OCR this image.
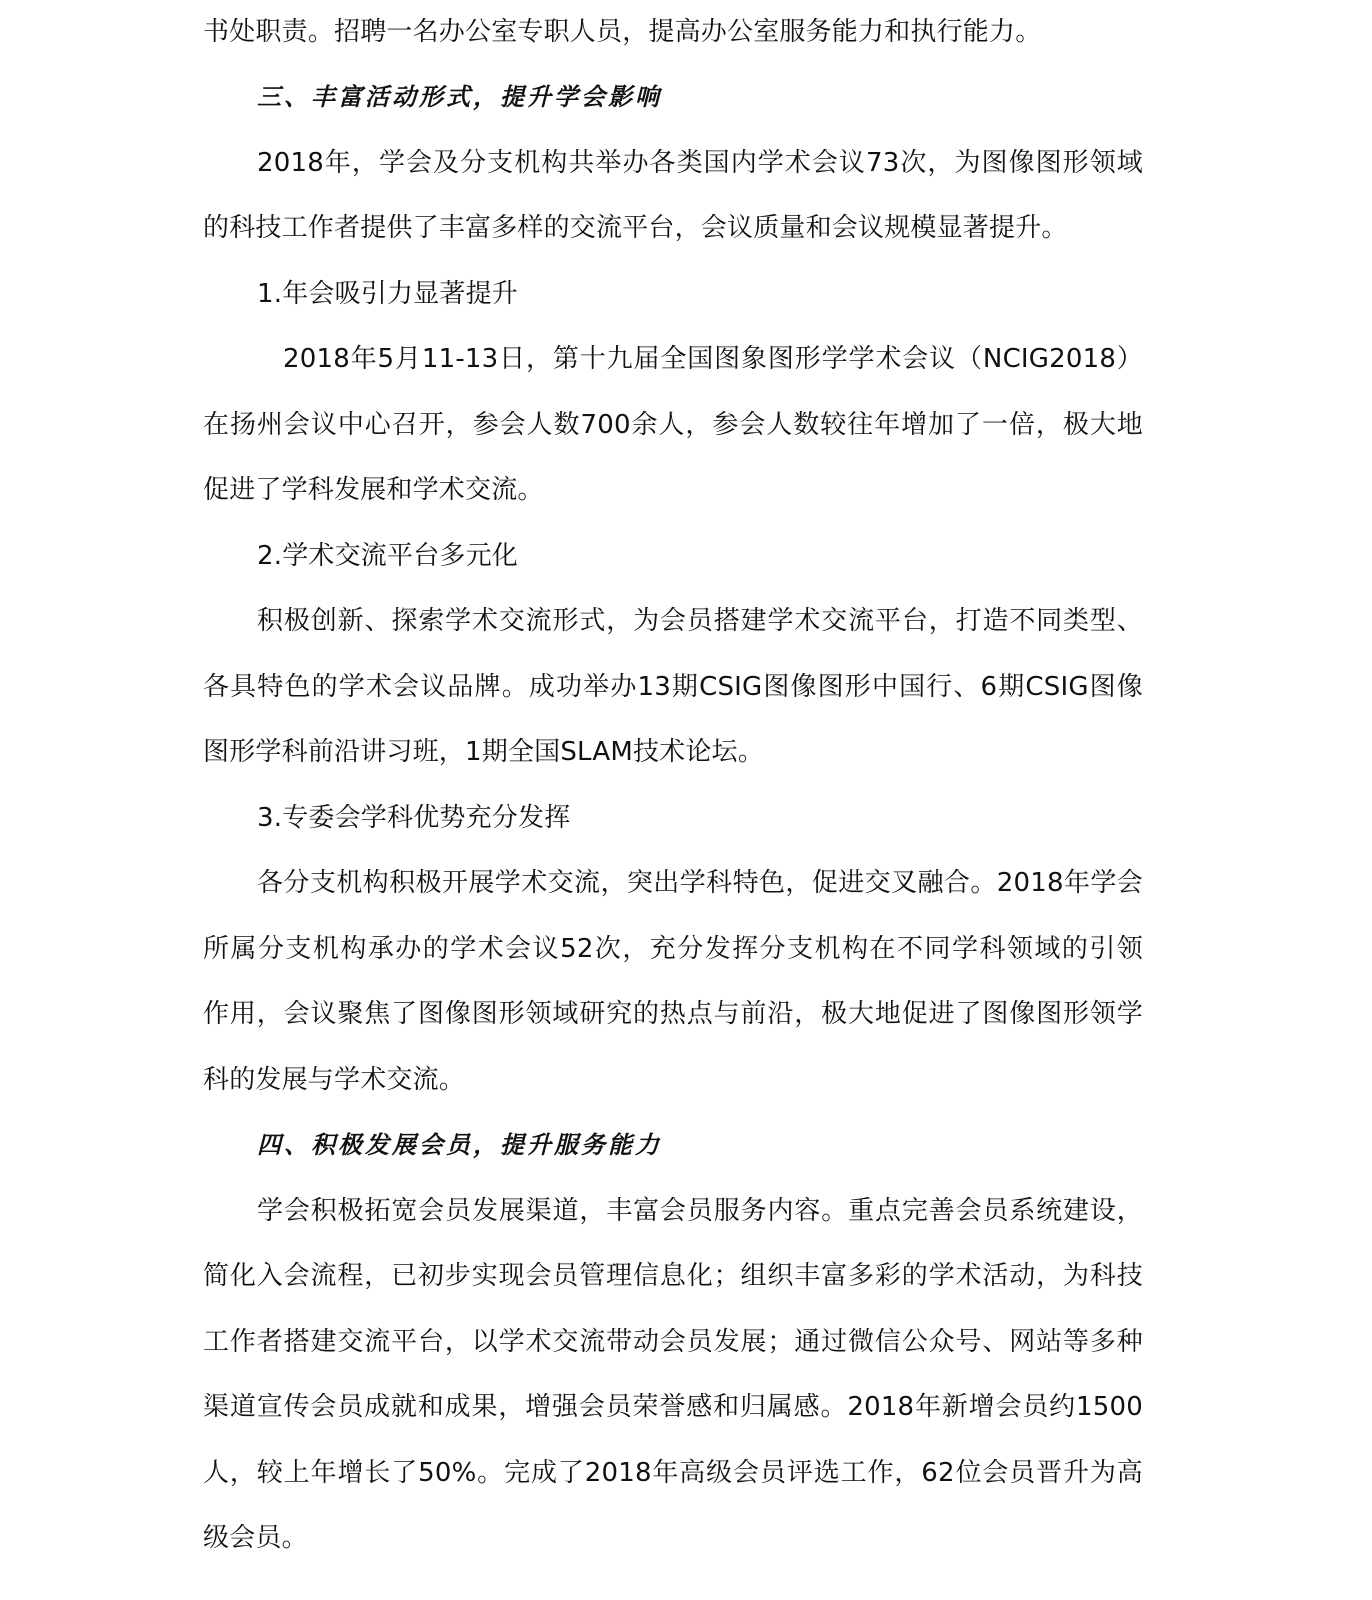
书处职责。招聘一名办公室专职人员，提高办公室服务能力和执行能力。
三、丰富活动形式，提升学会影响
2018年，学会及分支机构共举办各类国内学术会议73次，为图像图形领域
的科技工作者提供了丰富多样的交流平台，会议质量和会议规模显著提升。
1.年会吸引力显著提升
2018年5月11-13日，第十九届全国图象图形学学术会议（NCIG2018）
在扬州会议中心召开，参会人数700余人，参会人数较往年增加了一倍，极大地
促进了学科发展和学术交流。
2.学术交流平台多元化
积极创新、探索学术交流形式，为会员搭建学术交流平台，打造不同类型、
各具特色的学术会议品牌。成功举办13期CSIG图像图形中国行、6期CSIG图像
图形学科前沿讲习班，1期全国SLAM技术论坛。
3.专委会学科优势充分发挥
各分支机构积极开展学术交流，突出学科特色，促进交叉融合。2018年学会
所属分支机构承办的学术会议52次，充分发挥分支机构在不同学科领域的引领
作用，会议聚焦了图像图形领域研究的热点与前沿，极大地促进了图像图形领学
科的发展与学术交流。
四、积极发展会员，提升服务能力
学会积极拓宽会员发展渠道，丰富会员服务内容。重点完善会员系统建设，
简化入会流程，已初步实现会员管理信息化；组织丰富多彩的学术活动，为科技
工作者搭建交流平台，以学术交流带动会员发展；通过微信公众号、网站等多种
渠道宣传会员成就和成果，增强会员荣誉感和归属感。2018年新增会员约1500
人，较上年增长了50%。完成了2018年高级会员评选工作，62位会员晋升为高
级会员。
